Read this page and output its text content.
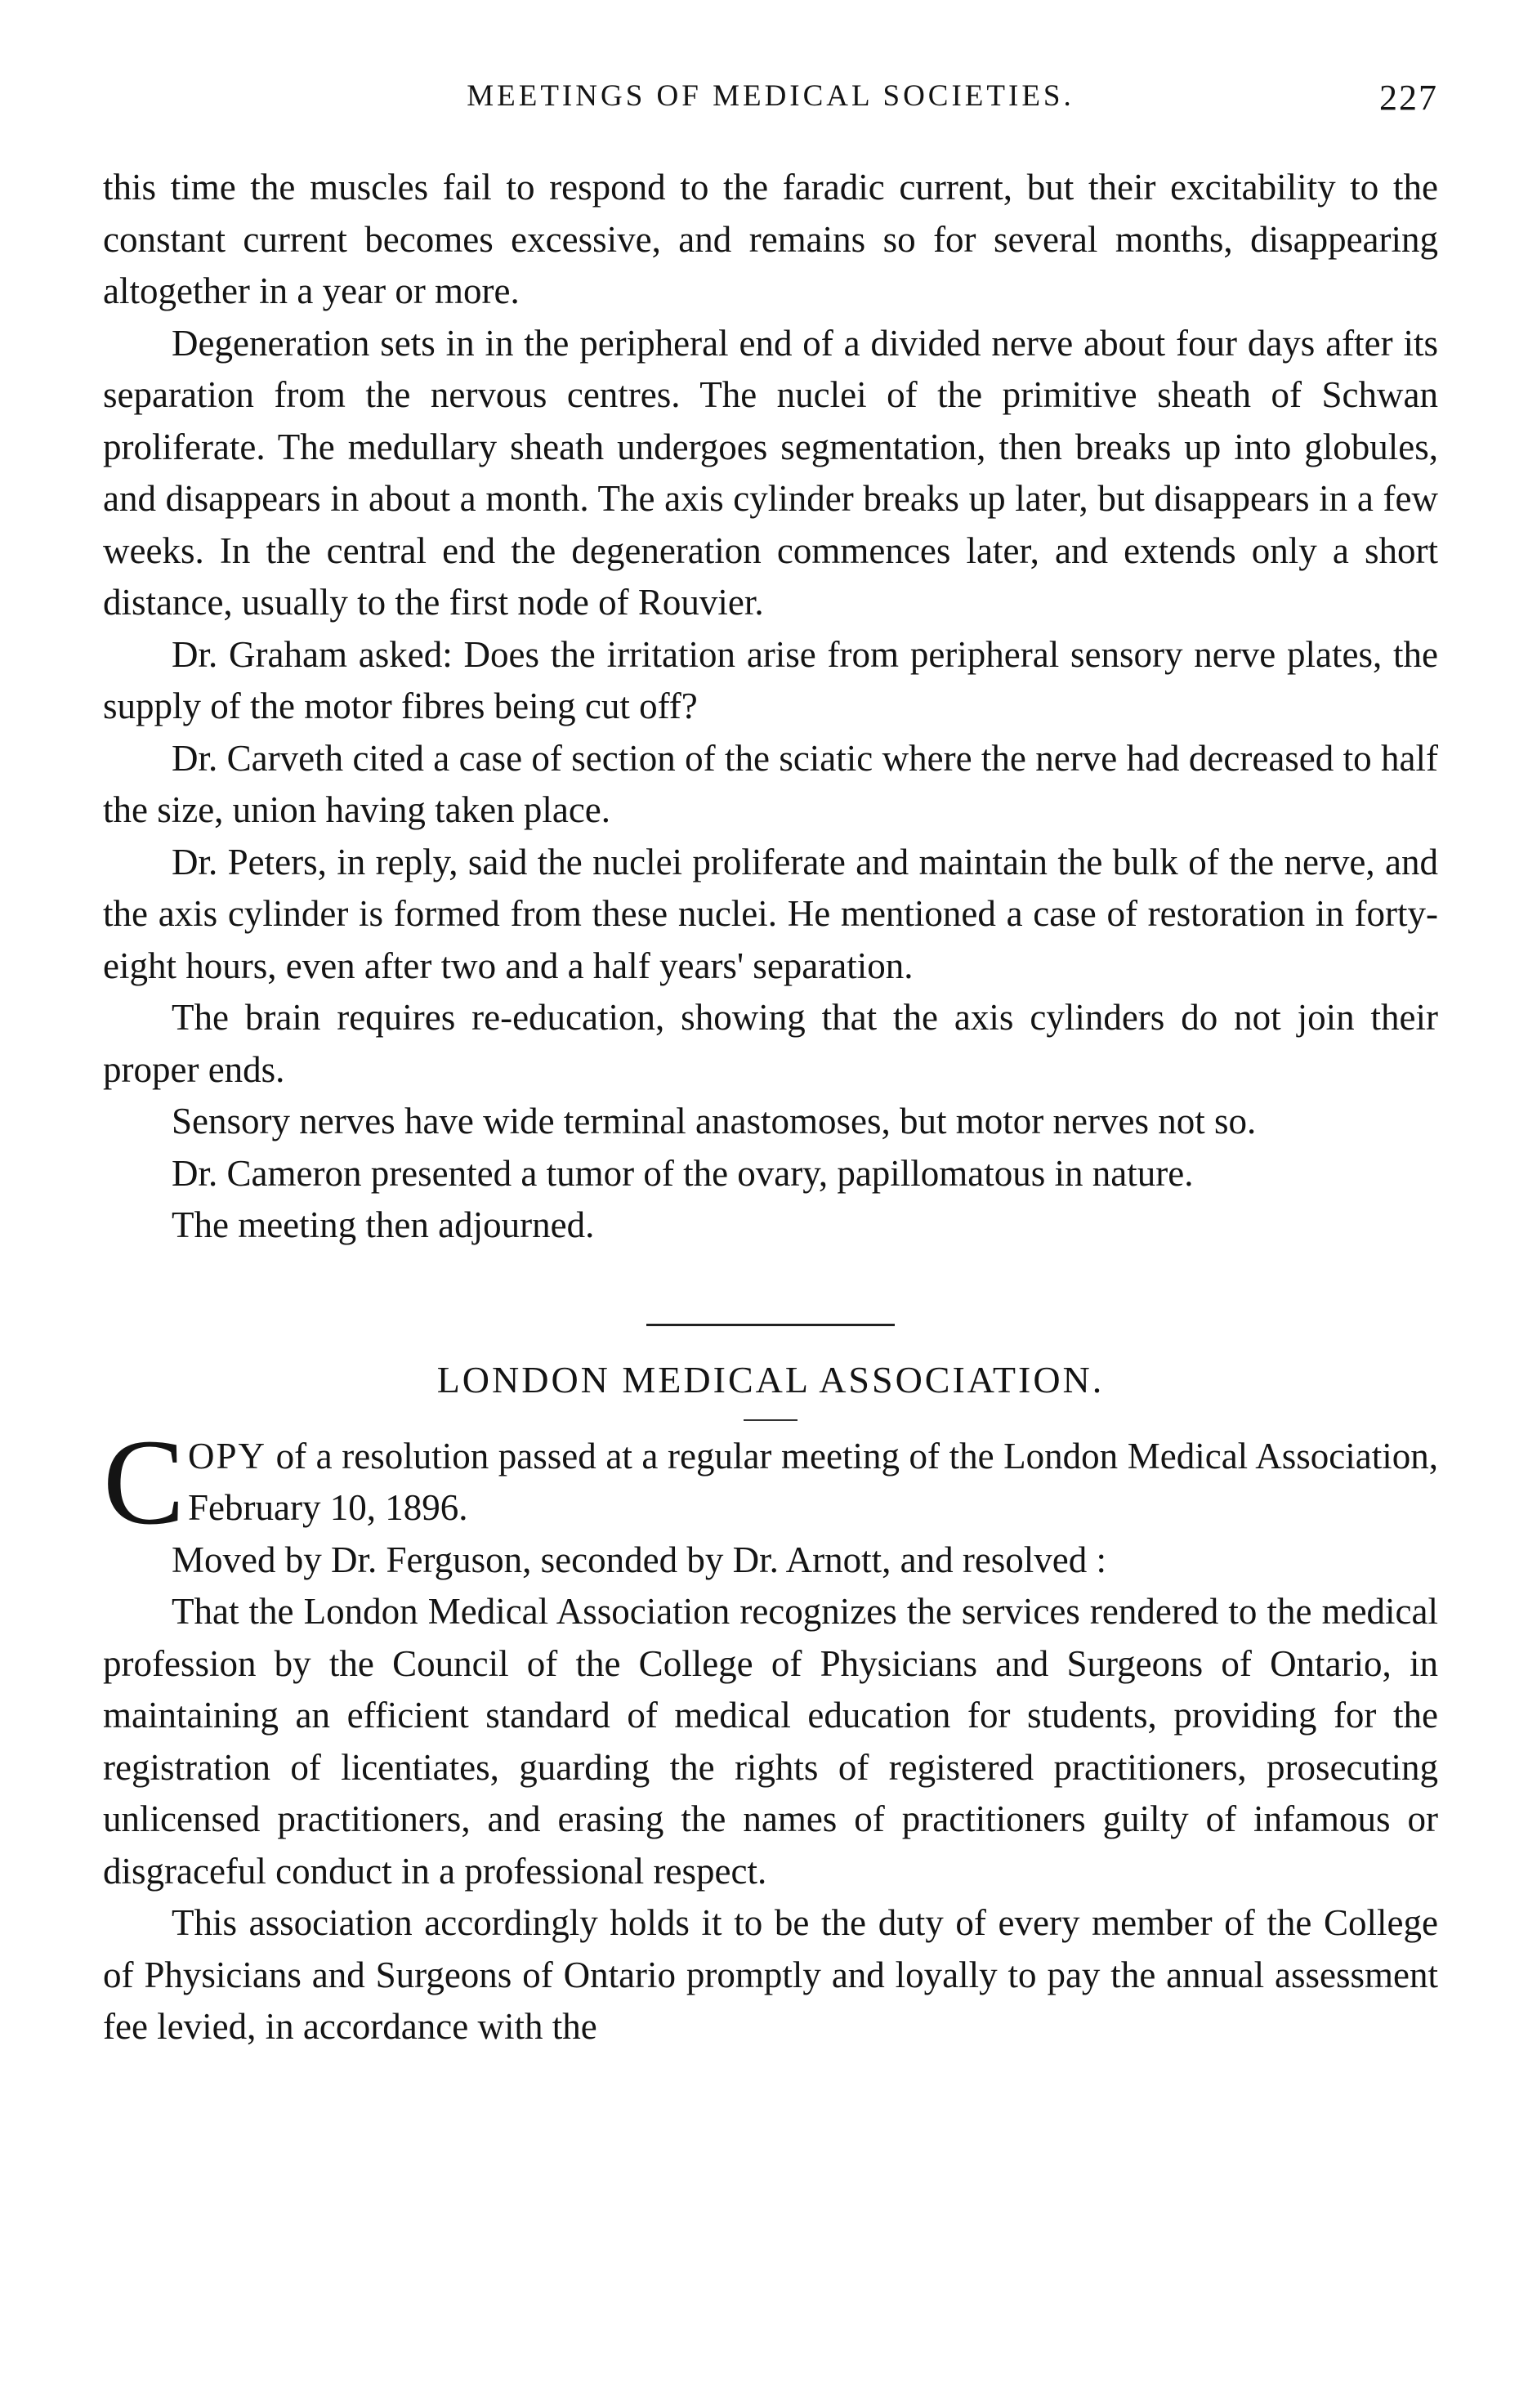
MEETINGS OF MEDICAL SOCIETIES.	227

this time the muscles fail to respond to the faradic current, but their excitability to the constant current becomes excessive, and remains so for several months, disappearing altogether in a year or more.

Degeneration sets in in the peripheral end of a divided nerve about four days after its separation from the nervous centres. The nuclei of the primitive sheath of Schwan proliferate. The medullary sheath undergoes segmentation, then breaks up into globules, and disappears in about a month. The axis cylinder breaks up later, but disappears in a few weeks. In the central end the degeneration commences later, and extends only a short distance, usually to the first node of Rouvier.

Dr. Graham asked: Does the irritation arise from peripheral sensory nerve plates, the supply of the motor fibres being cut off?

Dr. Carveth cited a case of section of the sciatic where the nerve had decreased to half the size, union having taken place.

Dr. Peters, in reply, said the nuclei proliferate and maintain the bulk of the nerve, and the axis cylinder is formed from these nuclei. He mentioned a case of restoration in forty-eight hours, even after two and a half years' separation.

The brain requires re-education, showing that the axis cylinders do not join their proper ends.

Sensory nerves have wide terminal anastomoses, but motor nerves not so.

Dr. Cameron presented a tumor of the ovary, papillomatous in nature.

The meeting then adjourned.

LONDON MEDICAL ASSOCIATION.

C OPY of a resolution passed at a regular meeting of the London Medical Association, February 10, 1896.

Moved by Dr. Ferguson, seconded by Dr. Arnott, and resolved :

That the London Medical Association recognizes the services rendered to the medical profession by the Council of the College of Physicians and Surgeons of Ontario, in maintaining an efficient standard of medical education for students, providing for the registration of licentiates, guarding the rights of registered practitioners, prosecuting unlicensed practitioners, and erasing the names of practitioners guilty of infamous or disgraceful conduct in a professional respect.

This association accordingly holds it to be the duty of every member of the College of Physicians and Surgeons of Ontario promptly and loyally to pay the annual assessment fee levied, in accordance with the
